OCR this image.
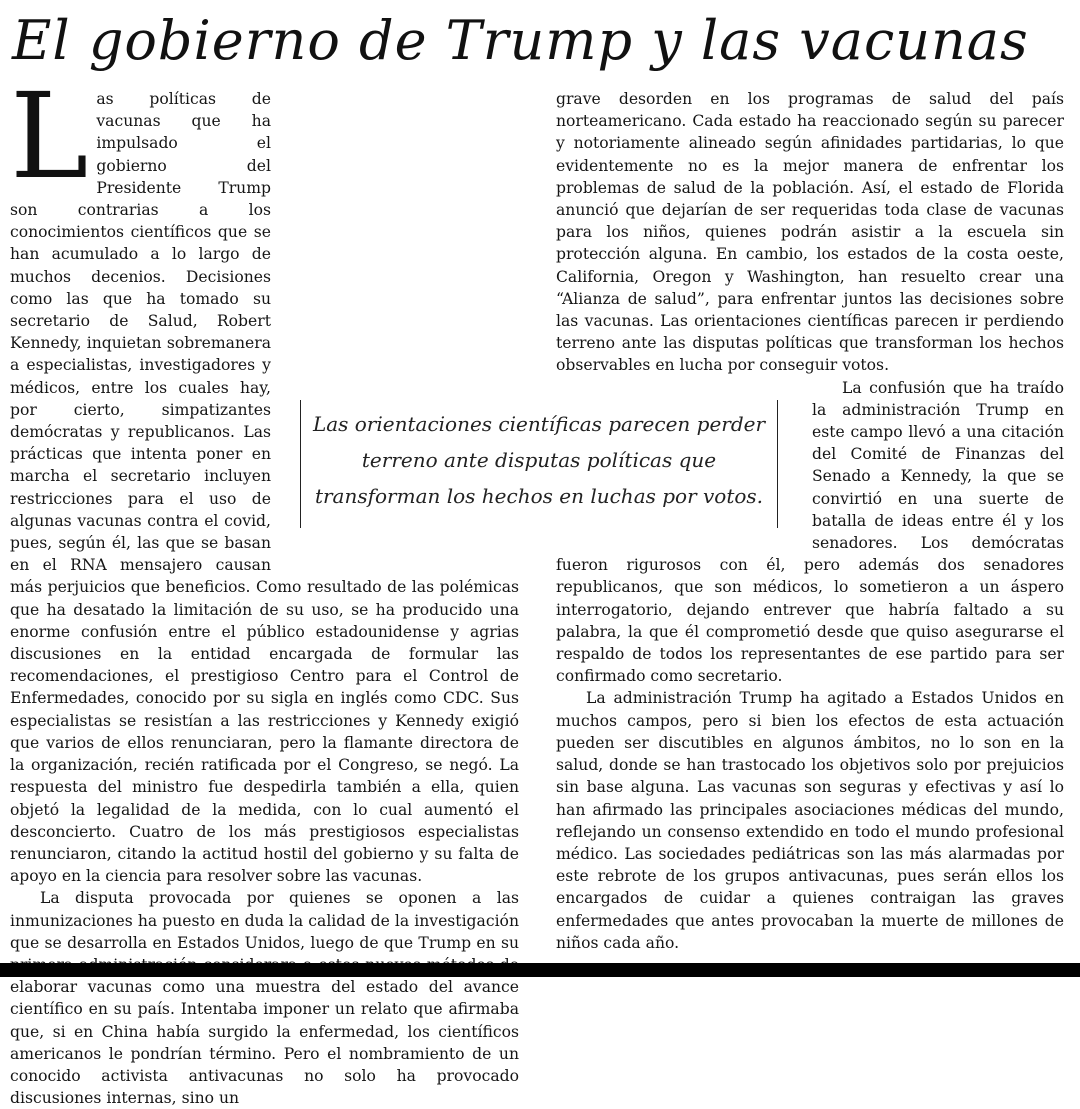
El gobierno de Trump y las vacunas
L as políticas de vacunas que ha impulsado el gobierno del Presidente Trump son contrarias a los conocimientos científicos que se han acumulado a lo largo de muchos decenios. Decisiones como las que ha tomado su secretario de Salud, Robert Kennedy, inquietan sobremanera a especialistas, investigadores y médicos, entre los cuales hay, por cierto, simpatizantes demócratas y republicanos. Las prácticas que intenta poner en marcha el secretario incluyen restricciones para el uso de algunas vacunas contra el covid, pues, según él, las que se basan en el RNA mensajero causan más perjuicios que beneficios. Como resultado de las polémicas que ha desatado la limitación de su uso, se ha producido una enorme confusión entre el público estadounidense y agrias discusiones en la entidad encargada de formular las recomendaciones, el prestigioso Centro para el Control de Enfermedades, conocido por su sigla en inglés como CDC. Sus especialistas se resistían a las restricciones y Kennedy exigió que varios de ellos renunciaran, pero la flamante directora de la organización, recién ratificada por el Congreso, se negó. La respuesta del ministro fue despedirla también a ella, quien objetó la legalidad de la medida, con lo cual aumentó el desconcierto. Cuatro de los más prestigiosos especialistas renunciaron, citando la actitud hostil del gobierno y su falta de apoyo en la ciencia para resolver sobre las vacunas.

La disputa provocada por quienes se oponen a las inmunizaciones ha puesto en duda la calidad de la investigación que se desarrolla en Estados Unidos, luego de que Trump en su elaborar vacunas como una muestra del estado del avance científico en su país. Intentaba imponer un relato que afirmaba que, si en China había surgido la enfermedad, los científicos americanos le pondrían término. Pero el nombramiento de un conocido activista antivacunas no solo ha provocado discusiones internas, sino un

grave desorden en los programas de salud del país norteamericano. Cada estado ha reaccionado según su parecer y notoriamente alineado según afinidades partidarias, lo que evidentemente no es la mejor manera de enfrentar los problemas de salud de la población. Así, el estado de Florida anunció que dejarían de ser requeridas toda clase de vacunas para los niños, quienes podrán asistir a la escuela sin protección alguna. En cambio, los estados de la costa oeste, California, Oregon y Washington, han resuelto crear una “Alianza de salud”, para enfrentar juntos las decisiones sobre las vacunas. Las orientaciones científicas parecen ir perdiendo terreno ante las disputas políticas que transforman los hechos observables en lucha por conseguir votos.

La confusión que ha traído la administración Trump en este campo llevó a una citación del Comité de Finanzas del Senado a Kennedy, la que se convirtió en una suerte de batalla de ideas entre él y los senadores. Los demócratas fueron rigurosos con él, pero además dos senadores republicanos, que son médicos, lo sometieron a un áspero interrogatorio, dejando entrever que habría faltado a su palabra, la que él comprometió desde que quiso asegurarse el respaldo de todos los representantes de ese partido para ser confirmado como secretario.

La administración Trump ha agitado a Estados Unidos en muchos campos, pero si bien los efectos de esta actuación pueden ser discutibles en algunos ámbitos, no lo son en la salud, donde se han trastocado los objetivos solo por prejuicios sin base alguna. Las vacunas son seguras y efectivas y así lo han afirmado las principales asociaciones médicas del mundo, reflejando un consenso extendido en todo el mundo profesional médico. Las sociedades pediátricas son las más alarmadas por este rebrote de los grupos antivacunas, pues serán ellos los encargados de cuidar a quienes contraigan las graves enfermedades que antes provocaban la muerte de millones de niños cada año.

Las orientaciones científicas parecen perder terreno ante disputas políticas que transforman los hechos en luchas por votos.
